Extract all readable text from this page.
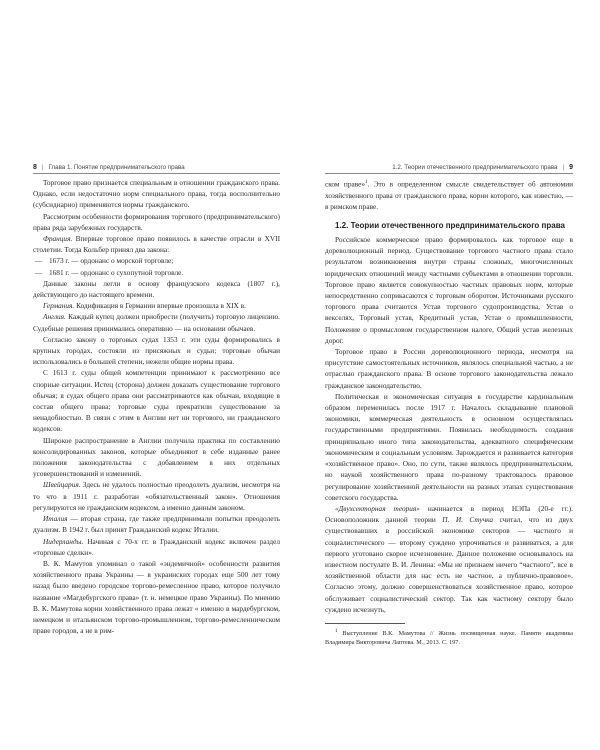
8 | Глава 1. Понятие предпринимательского права

Торговое право признается специальным в отношении гражданского права. Однако, если недостаточно норм специального права, тогда восполнительно (субсидиарно) применяются нормы гражданского.

Рассмотрим особенности формирования торгового (предпринимательского) права ряда зарубежных государств.

Франция. Впервые торговое право появилось в качестве отрасли в XVII столетии. Тогда Кольбер принял два закона:

— 1673 г. — ордонанс о морской торговле;

— 1681 г. — ордонанс о сухопутной торговле.

Данные законы легли в основу французского кодекса (1807 г.), действующего до настоящего времени.

Германия. Кодификация в Германии впервые произошла в XIX в.

Англия. Каждый купец должен приобрести (получить) торговую лицензию. Судебные решения принимались оперативно — на основании обычаев.

Согласно закону о торговых судах 1353 г. эти суды формировались в крупных городах, состояли из присяжных и судьи; торговые обычаи использовались в большей степени, нежели общие нормы права.

С 1613 г. суды общей компетенции принимают к рассмотрению все спорные ситуации. Истец (сторона) должен доказать существование торгового обычая; в судах общего права они рассматриваются как обычаи, входящие в состав общего права; торговые суды прекратили существование за ненадобностью. В связи с этим в Англии нет ни торгового, ни гражданского кодексов.

Широкое распространение в Англии получила практика по составлению консолидированных законов, которые объединяют в себе изданные ранее положения законодательства с добавлением в них отдельных усовершенствований и изменений.

Швейцария. Здесь не удалось полностью преодолеть дуализм, несмотря на то что в 1911 г. разработан «обязательственный закон». Отношения регулируются не гражданским кодексом, а именно данным законом.

Италия — вторая страна, где также предпринимали попытки преодолеть дуализм. В 1942 г. был принят Гражданский кодекс Италии.

Нидерланды. Начиная с 70-х гг. в Гражданский кодекс включен раздел «торговые сделки».

В. К. Мамутов упоминал о такой «эндемичной» особенности развития хозяйственного права Украины — в украинских городах еще 500 лет тому назад было введено городское торгово-ремесленное право, которое получило название «Магдебургского права» (т. н. немецкое право Украины). По мнению В. К. Мамутова корни хозяйственного права лежат « именно в мардебургском, немецком и итальянском торгово-промышленном, торгово-ремесленническом праве городов, а не в рим-

1.2. Теории отечественного предпринимательского права | 9

ском праве»$^1$. Это в определенном смысле свидетельствует об автономии хозяйственного права от гражданского права, корни которого, как известно, — в римском праве.

1.2. Теории отечественного предпринимательского права

Российское коммерческое право формировалось как торговое еще в дореволюционный период. Существование торгового частного права стало результатом возникновения внутри страны сложных, многочисленных юридических отношений между частными субъектами в отношении торговли. Торговое право является совокупностью частных правовых норм, которые непосредственно соприкасаются с торговым оборотом. Источниками русского торгового права считаются Устав торгового судопроизводства, Устав о векселях, Торговый устав, Кредитный устав, Устав о промышленности, Положение о промысловом государственном налоге, Общий устав железных дорог.

Торговое право в России дореволюционного периода, несмотря на присутствие самостоятельных источников, являлось специальной частью, а не отраслью гражданского права. В основе торгового законодательства лежало гражданское законодательство.

Политическая и экономическая ситуация в государстве кардинальным образом переменилась после 1917 г. Началось складывание плановой экономики, коммерческая деятельность в основном осуществлялась государственными предприятиями. Появилась необходимость создания принципиально иного типа законодательства, адекватного специфическим экономическим и социальным условиям. Зарождается и развивается категория «хозяйственное право». Оно, по сути, также являлось предпринимательским, но наукой хозяйственного права по-разному трактовалось правовое регулирование хозяйственной деятельности на разных этапах существования советского государства.

«Двухсекторная теория» начинается в период НЭПа (20-е гг.). Основоположник данной теории П. И. Стучка считал, что из двух существовавших в российской экономике секторов — частного и социалистического — второму суждено упрочиваться и развиваться, а для первого уготовано скорое исчезновение. Данное положение основывалось на известном постулате В. И. Ленина: «Мы не признаем ничего “частного”, все в хозяйственной области для нас есть не частное, а публично-правовое». Согласно этому, должно совершенствоваться хозяйственное право, которое обслуживает социалистический сектор. Так как частному сектору было суждено исчезнуть,

$^1$ Выступление В.К. Мамутова // Жизнь посвященная науке. Памяти академика Владимира Викторовича Лаптева. М., 2013. С. 197.
